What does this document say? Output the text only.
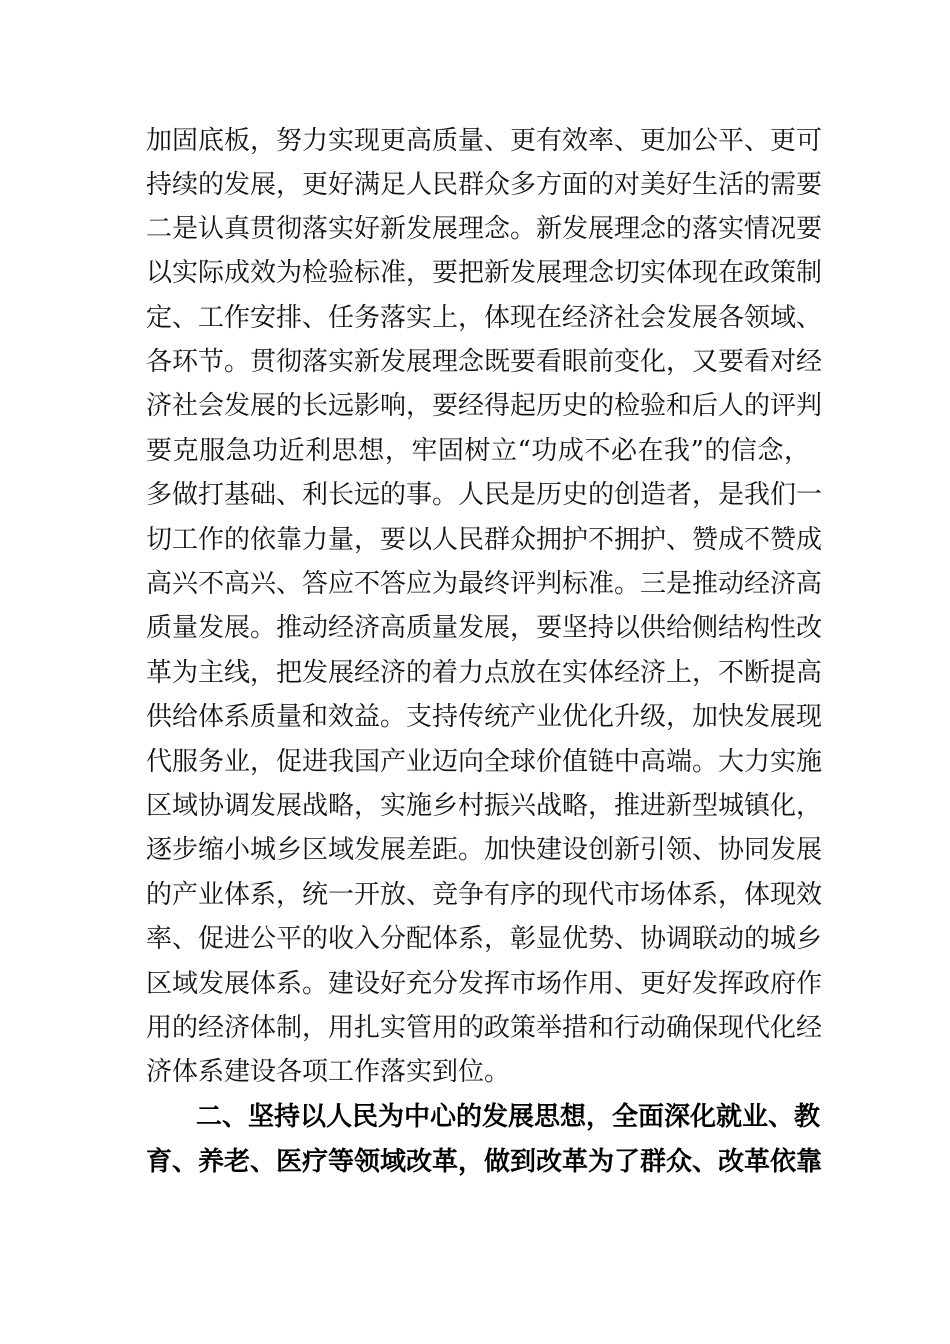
加固底板，努力实现更高质量、更有效率、更加公平、更可
持续的发展，更好满足人民群众多方面的对美好生活的需要
二是认真贯彻落实好新发展理念。新发展理念的落实情况要
以实际成效为检验标准，要把新发展理念切实体现在政策制
定、工作安排、任务落实上，体现在经济社会发展各领域、
各环节。贯彻落实新发展理念既要看眼前变化，又要看对经
济社会发展的长远影响，要经得起历史的检验和后人的评判
要克服急功近利思想，牢固树立“功成不必在我”的信念，
多做打基础、利长远的事。人民是历史的创造者，是我们一
切工作的依靠力量，要以人民群众拥护不拥护、赞成不赞成
高兴不高兴、答应不答应为最终评判标准。三是推动经济高
质量发展。推动经济高质量发展，要坚持以供给侧结构性改
革为主线，把发展经济的着力点放在实体经济上，不断提高
供给体系质量和效益。支持传统产业优化升级，加快发展现
代服务业，促进我国产业迈向全球价值链中高端。大力实施
区域协调发展战略，实施乡村振兴战略，推进新型城镇化，
逐步缩小城乡区域发展差距。加快建设创新引领、协同发展
的产业体系，统一开放、竞争有序的现代市场体系，体现效
率、促进公平的收入分配体系，彰显优势、协调联动的城乡
区域发展体系。建设好充分发挥市场作用、更好发挥政府作
用的经济体制，用扎实管用的政策举措和行动确保现代化经
济体系建设各项工作落实到位。
二、坚持以人民为中心的发展思想，全面深化就业、教
育、养老、医疗等领域改革，做到改革为了群众、改革依靠
